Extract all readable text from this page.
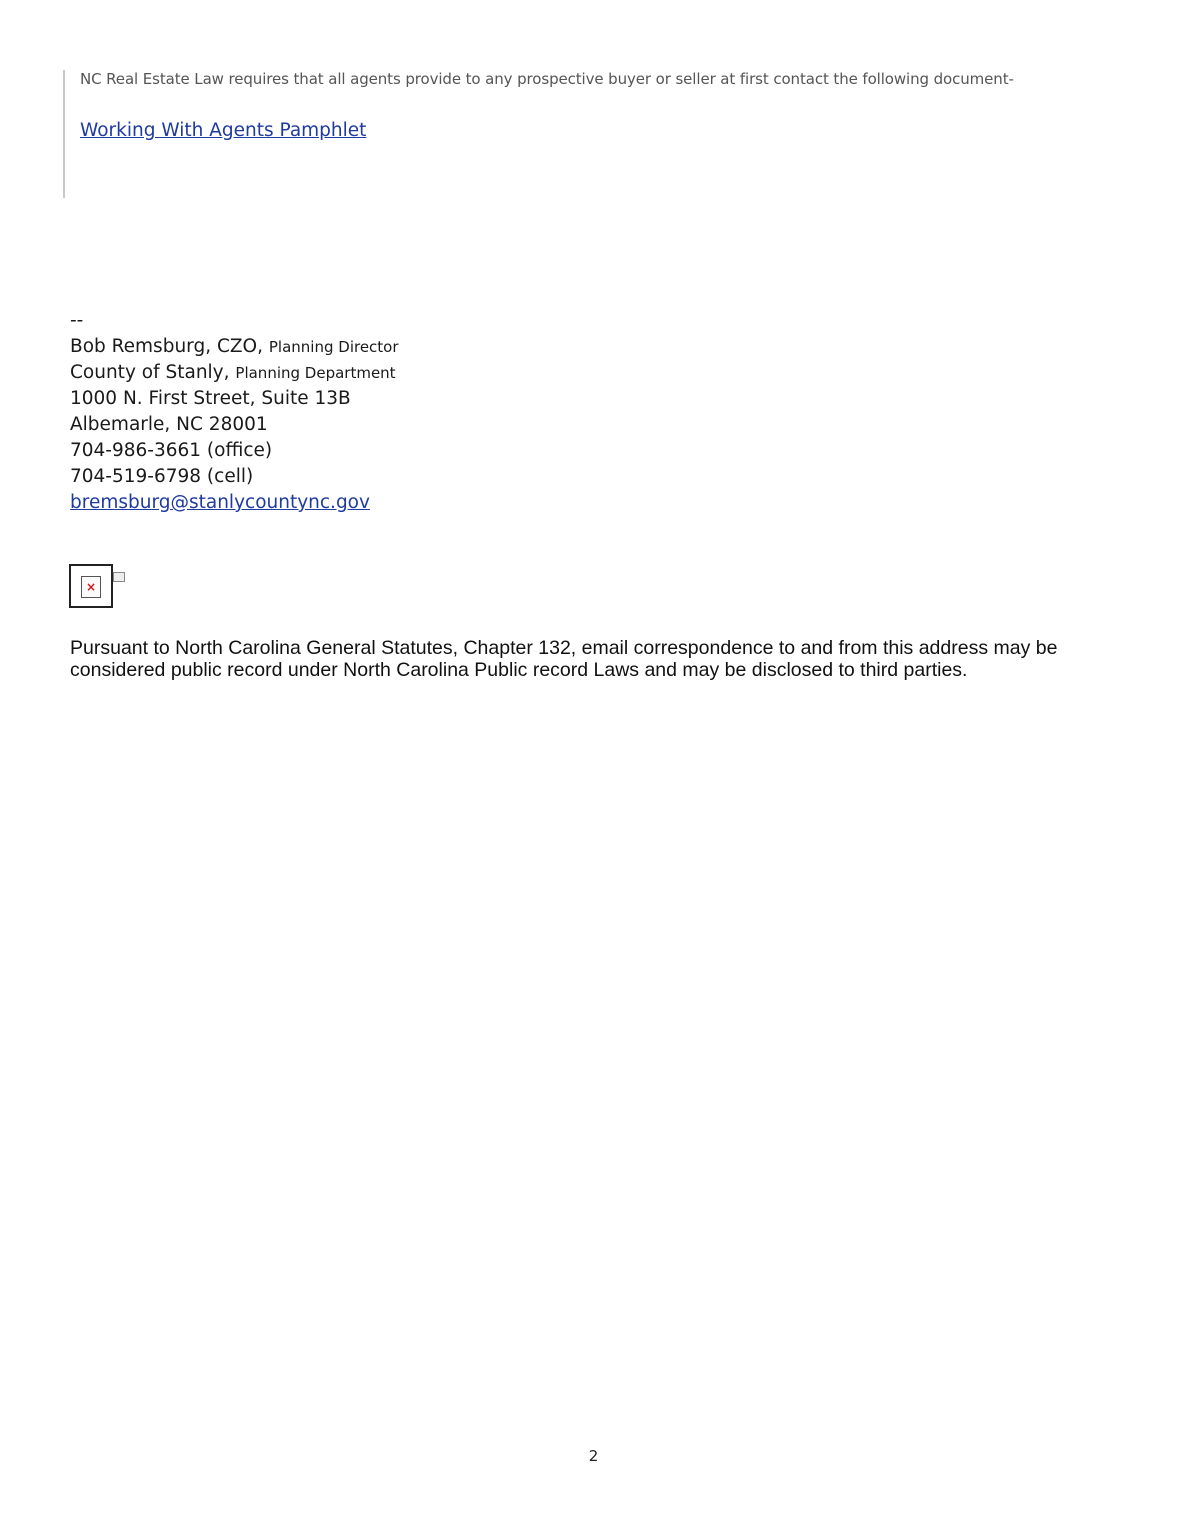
NC Real Estate Law requires that all agents provide to any prospective buyer or seller at first contact the following document-
Working With Agents Pamphlet
--
Bob Remsburg, CZO, Planning Director
County of Stanly, Planning Department
1000 N. First Street, Suite 13B
Albemarle, NC 28001
704-986-3661 (office)
704-519-6798 (cell)
bremsburg@stanlycountync.gov
×
Pursuant to North Carolina General Statutes, Chapter 132, email correspondence to and from this address may be considered public record under North Carolina Public record Laws and may be disclosed to third parties.
2
